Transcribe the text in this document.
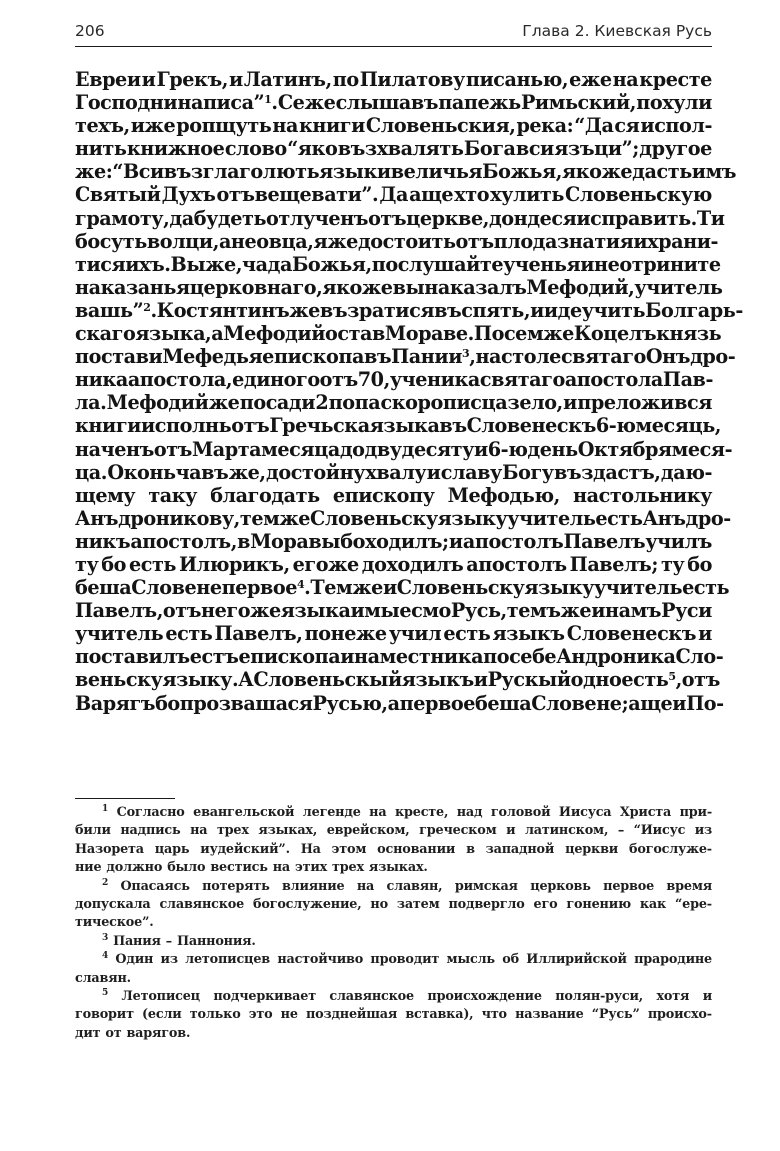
206	Глава 2. Киевская Русь
Евреи и Грекъ, и Латинъ, по Пилатову писанью, еже на кресте
Господни написа”$^1$. Се же слышавъ папежь Римьский, похули
техъ, иже ропщуть на книги Словеньския, река: “Да ся испол-
нить книжное слово “яко възхвалять Бога вси язъци”; другое
же: “Вси възглаголють языки величья Божья, якоже дасть имъ
Святый Духъ отъвещевати”. Да аще хто хулить Словеньскую
грамоту, да будеть отлученъ отъ церкве, донде ся исправить. Ти
бо суть волци, а не овца, яже достоить отъ плода знати я и храни-
тися ихъ. Вы же, чада Божья, послушайте ученья и не отрините
наказанья церковнаго, якоже вы наказалъ Мефодий, учитель
вашь”$^2$. Костянтинъ же възратися въспять, и иде учить Болгарь-
скаго языка, а Мефодий оста в Мораве. Посем же Коцелъ князь
постави Мефедья епископа въ Пании$^3$, на столе святаго Онъдро-
ника апостола, единого отъ 70, ученика святаго апостола Пав-
ла. Мефодий же посади 2 попа скорописца зело, и преложи вся
книги исполнь отъ Гречьска языка въ Словенескъ 6-ю месяць,
наченъ отъ Марта месяца до двудесяту и 6-ю день Октября меся-
ца. Оконьчавъ же, достойну хвалу и славу Богу въздастъ, даю-
щему таку благодать епископу Мефодью, настольнику
Анъдроникову, темже Словеньску языку учитель есть Анъдро-
никъ апостолъ, в Моравы бо ходилъ; и апостолъ Павелъ училъ
ту бо есть Илюрикъ, егоже доходилъ апостолъ Павелъ; ту бо
беша Словене первое$^4$. Темже и Словеньску языку учитель есть
Павелъ, отъ негоже языка и мы есмо Русь, темъже и намъ Руси
учитель есть Павелъ, понеже учил есть языкъ Словенескъ и
поставилъ естъ епископа и наместника по себе Андроника Сло-
веньску языку. А Словеньскый языкъ и Рускый одно есть$^5$, отъ
Варягъ бо прозвашася Русью, а первое беша Словене; аще и По-
$^1$ Согласно евангельской легенде на кресте, над головой Иисуса Христа при-
били надпись на трех языках, еврейском, греческом и латинском, – “Иисус из
Назорета царь иудейский”. На этом основании в западной церкви богослуже-
ние должно было вестись на этих трех языках.
$^2$ Опасаясь потерять влияние на славян, римская церковь первое время
допускала славянское богослужение, но затем подвергло его гонению как “ере-
тическое”.
$^3$ Пания – Паннония.
$^4$ Один из летописцев настойчиво проводит мысль об Иллирийской прародине
славян.
$^5$ Летописец подчеркивает славянское происхождение полян-руси, хотя и
говорит (если только это не позднейшая вставка), что название “Русь” происхо-
дит от варягов.
